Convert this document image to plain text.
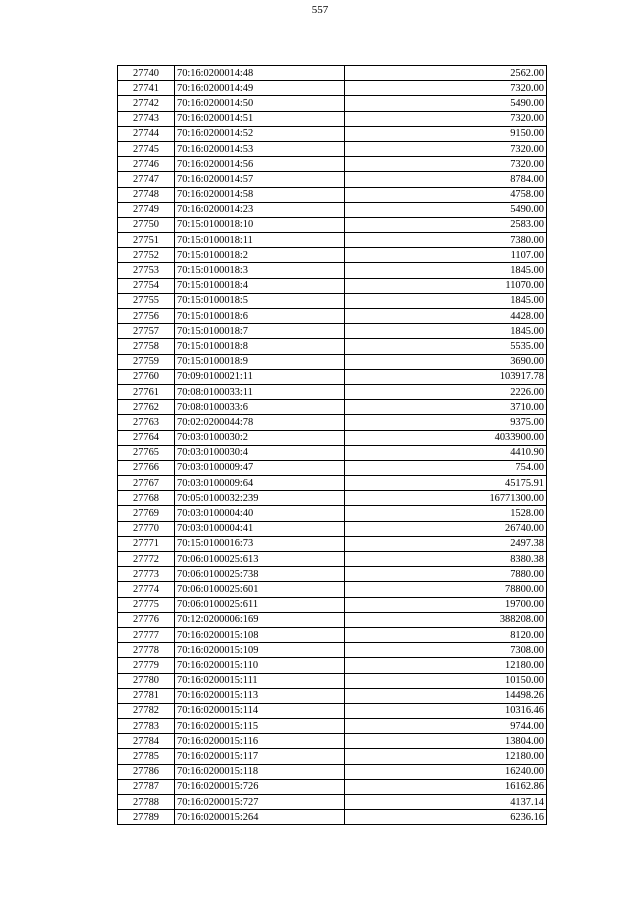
557
27740	70:16:0200014:48	2562.00
27741	70:16:0200014:49	7320.00
27742	70:16:0200014:50	5490.00
27743	70:16:0200014:51	7320.00
27744	70:16:0200014:52	9150.00
27745	70:16:0200014:53	7320.00
27746	70:16:0200014:56	7320.00
27747	70:16:0200014:57	8784.00
27748	70:16:0200014:58	4758.00
27749	70:16:0200014:23	5490.00
27750	70:15:0100018:10	2583.00
27751	70:15:0100018:11	7380.00
27752	70:15:0100018:2	1107.00
27753	70:15:0100018:3	1845.00
27754	70:15:0100018:4	11070.00
27755	70:15:0100018:5	1845.00
27756	70:15:0100018:6	4428.00
27757	70:15:0100018:7	1845.00
27758	70:15:0100018:8	5535.00
27759	70:15:0100018:9	3690.00
27760	70:09:0100021:11	103917.78
27761	70:08:0100033:11	2226.00
27762	70:08:0100033:6	3710.00
27763	70:02:0200044:78	9375.00
27764	70:03:0100030:2	4033900.00
27765	70:03:0100030:4	4410.90
27766	70:03:0100009:47	754.00
27767	70:03:0100009:64	45175.91
27768	70:05:0100032:239	16771300.00
27769	70:03:0100004:40	1528.00
27770	70:03:0100004:41	26740.00
27771	70:15:0100016:73	2497.38
27772	70:06:0100025:613	8380.38
27773	70:06:0100025:738	7880.00
27774	70:06:0100025:601	78800.00
27775	70:06:0100025:611	19700.00
27776	70:12:0200006:169	388208.00
27777	70:16:0200015:108	8120.00
27778	70:16:0200015:109	7308.00
27779	70:16:0200015:110	12180.00
27780	70:16:0200015:111	10150.00
27781	70:16:0200015:113	14498.26
27782	70:16:0200015:114	10316.46
27783	70:16:0200015:115	9744.00
27784	70:16:0200015:116	13804.00
27785	70:16:0200015:117	12180.00
27786	70:16:0200015:118	16240.00
27787	70:16:0200015:726	16162.86
27788	70:16:0200015:727	4137.14
27789	70:16:0200015:264	6236.16
